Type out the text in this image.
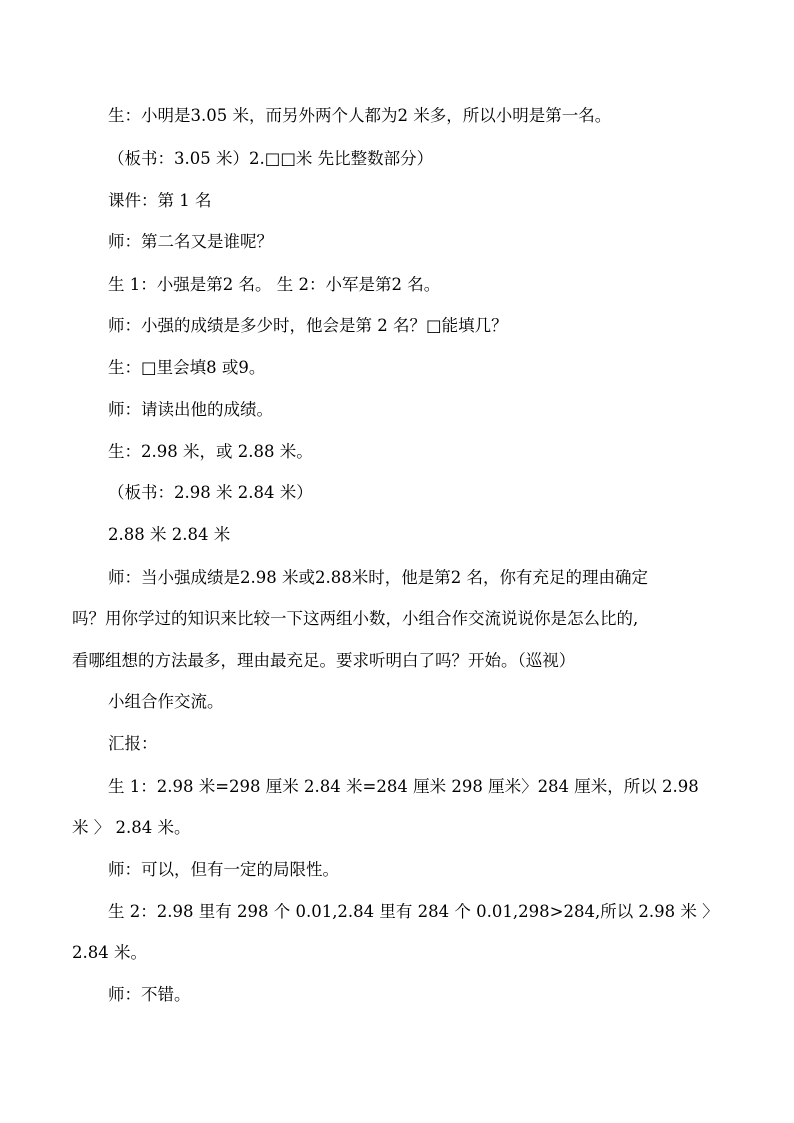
生：小明是3.05 米，而另外两个人都为2 米多，所以小明是第一名。
（板书：3.05 米）2.□□米 先比整数部分）
课件：第 1 名
师：第二名又是谁呢？
生 1：小强是第2 名。 生 2：小军是第2 名。
师：小强的成绩是多少时，他会是第 2 名？□能填几？
生：□里会填8 或9。
师：请读出他的成绩。
生：2.98 米，或 2.88 米。
（板书：2.98 米 2.84 米）
2.88 米 2.84 米
师：当小强成绩是2.98 米或2.88米时，他是第2 名，你有充足的理由确定
吗？用你学过的知识来比较一下这两组小数，小组合作交流说说你是怎么比的,
看哪组想的方法最多，理由最充足。要求听明白了吗？开始。（巡视）
小组合作交流。
汇报：
生 1：2.98 米=298 厘米 2.84 米=284 厘米 298 厘米〉284 厘米，所以 2.98
米 〉 2.84 米。
师：可以，但有一定的局限性。
生 2：2.98 里有 298 个 0.01,2.84 里有 284 个 0.01,298>284,所以 2.98 米 〉
2.84 米。
师：不错。
